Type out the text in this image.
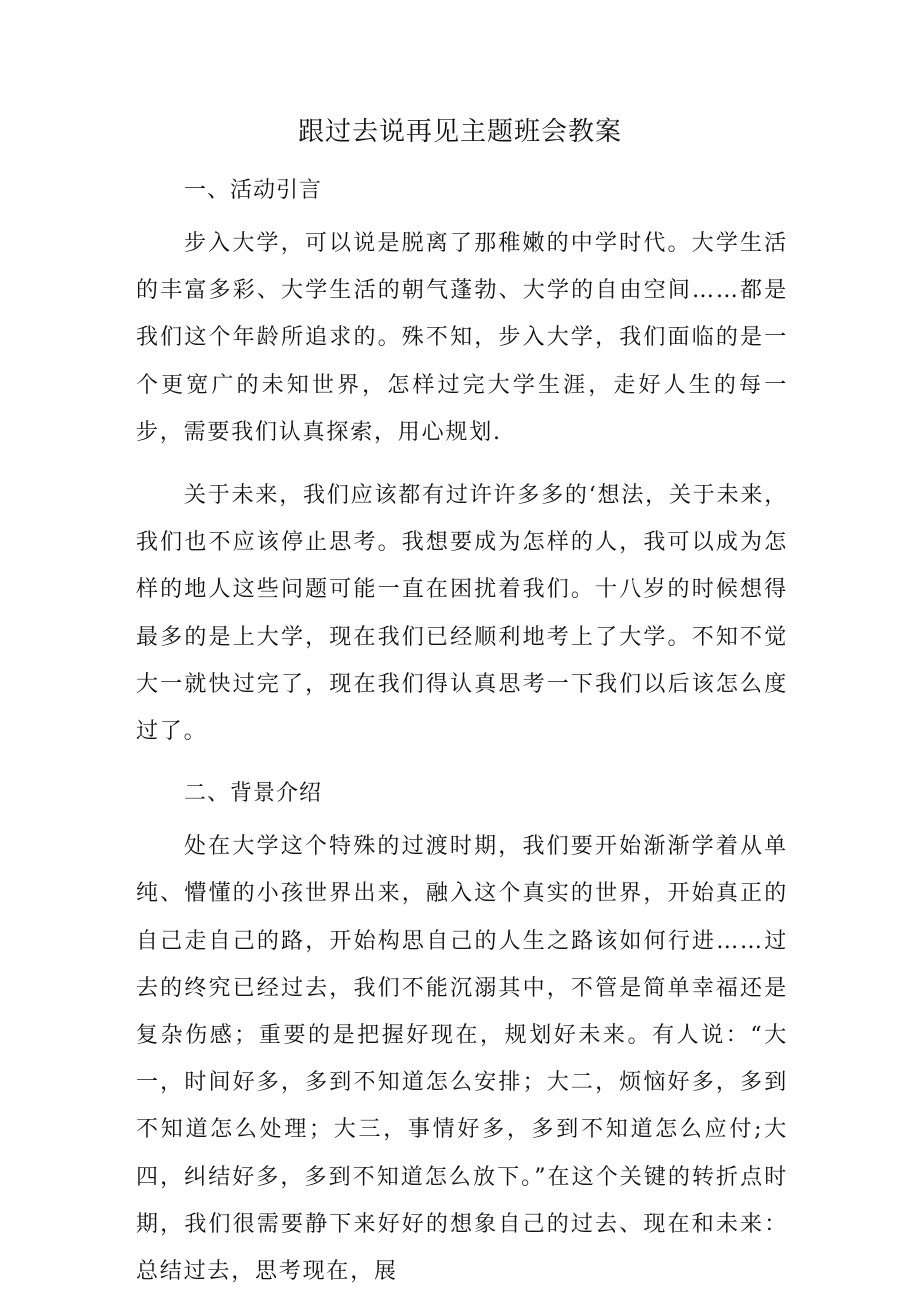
跟过去说再见主题班会教案
一、活动引言

步入大学，可以说是脱离了那稚嫩的中学时代。大学生活的丰富多彩、大学生活的朝气蓬勃、大学的自由空间……都是我们这个年龄所追求的。殊不知，步入大学，我们面临的是一个更宽广的未知世界，怎样过完大学生涯，走好人生的每一步，需要我们认真探索，用心规划.

关于未来，我们应该都有过许许多多的‘想法，关于未来，我们也不应该停止思考。我想要成为怎样的人，我可以成为怎样的地人这些问题可能一直在困扰着我们。十八岁的时候想得最多的是上大学，现在我们已经顺利地考上了大学。不知不觉大一就快过完了，现在我们得认真思考一下我们以后该怎么度过了。

二、背景介绍

处在大学这个特殊的过渡时期，我们要开始渐渐学着从单纯、懵懂的小孩世界出来，融入这个真实的世界，开始真正的自己走自己的路，开始构思自己的人生之路该如何行进……过去的终究已经过去，我们不能沉溺其中，不管是简单幸福还是复杂伤感；重要的是把握好现在，规划好未来。有人说：“大一，时间好多，多到不知道怎么安排；大二，烦恼好多，多到不知道怎么处理；大三，事情好多，多到不知道怎么应付;大四，纠结好多，多到不知道怎么放下。”在这个关键的转折点时期，我们很需要静下来好好的想象自己的过去、现在和未来：总结过去，思考现在，展
